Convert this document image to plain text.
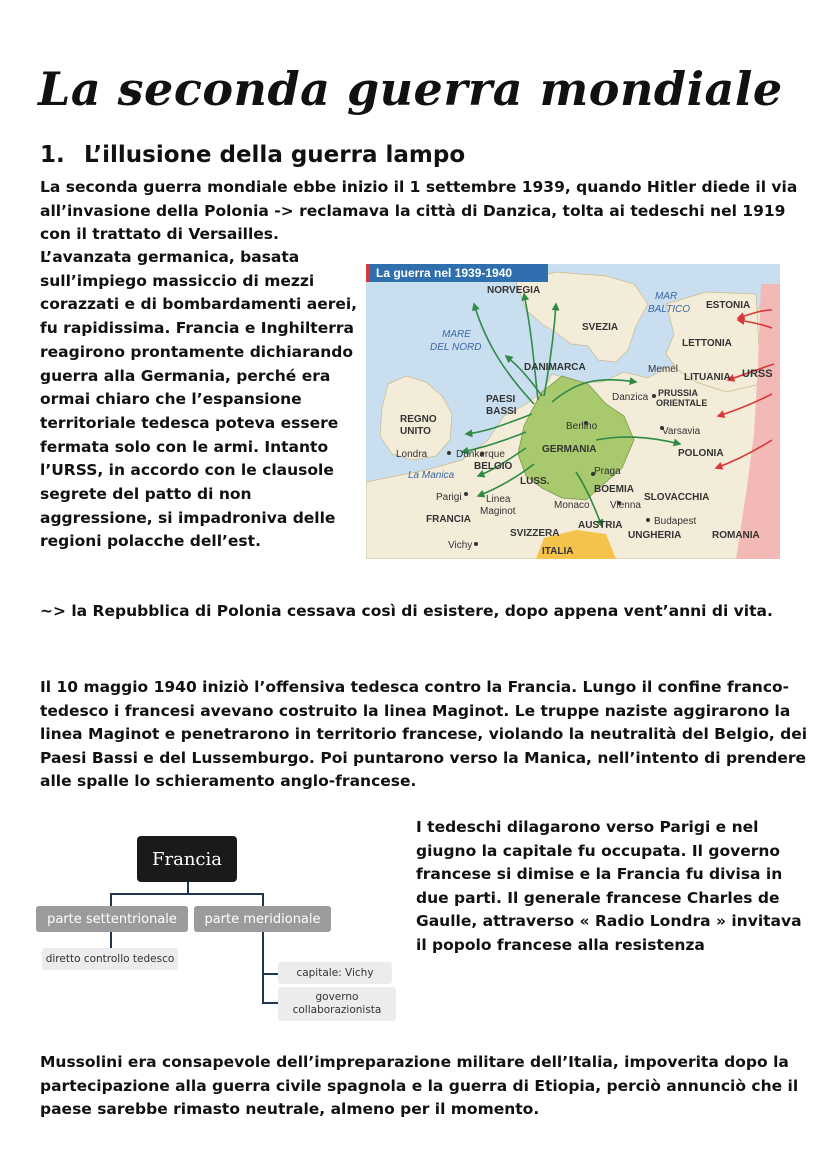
La seconda guerra mondiale
1. L’illusione della guerra lampo

La seconda guerra mondiale ebbe inizio il 1 settembre 1939, quando Hitler diede il via all’invasione della Polonia -> reclamava la città di Danzica, tolta ai tedeschi nel 1919 con il trattato di Versailles.

L’avanzata germanica, basata sull’impiego massiccio di mezzi corazzati e di bombardamenti aerei, fu rapidissima. Francia e Inghilterra reagirono prontamente dichiarando guerra alla Germania, perché era ormai chiaro che l’espansione territoriale tedesca poteva essere fermata solo con le armi. Intanto l’URSS, in accordo con le clausole segrete del patto di non aggressione, si impadroniva delle regioni polacche dell’est.

La guerra nel 1939-1940
NORVEGIA
MAR
BALTICO ESTONIA
SVEZIA
MARE
DEL NORD	LETTONIA
DANIMARCA	Memel
LITUANIA URSS
PRUSSIA
ORIENTALE
Danzica
PAESI
BASSI
REGNO
UNITO	Berlino	Varsavia
Londra	Dunkerque	GERMANIA	POLONIA
La Manica
BELGIO	Praga
LUSS.
BOEMIA
Parigi Linea
Maginot
Monaco Vienna
SLOVACCHIA
FRANCIA
AUSTRIA	Budapest
Vichy
SVIZZERA	UNGHERIA	ROMANIA
ITALIA

~> la Repubblica di Polonia cessava così di esistere, dopo appena vent’anni di vita.

Il 10 maggio 1940 iniziò l’offensiva tedesca contro la Francia. Lungo il confine franco-tedesco i francesi avevano costruito la linea Maginot. Le truppe naziste aggirarono la linea Maginot e penetrarono in territorio francese, violando la neutralità del Belgio, dei Paesi Bassi e del Lussemburgo. Poi puntarono verso la Manica, nell’intento di prendere alle spalle lo schieramento anglo-francese.

Francia
parte settentrionale	parte meridionale
diretto controllo tedesco
capitale: Vichy
governo
collaborazionista

I tedeschi dilagarono verso Parigi e nel giugno la capitale fu occupata. Il governo francese si dimise e la Francia fu divisa in due parti. Il generale francese Charles de Gaulle, attraverso « Radio Londra » invitava il popolo francese alla resistenza

Mussolini era consapevole dell’impreparazione militare dell’Italia, impoverita dopo la partecipazione alla guerra civile spagnola e la guerra di Etiopia, perciò annunciò che il paese sarebbe rimasto neutrale, almeno per il momento.
